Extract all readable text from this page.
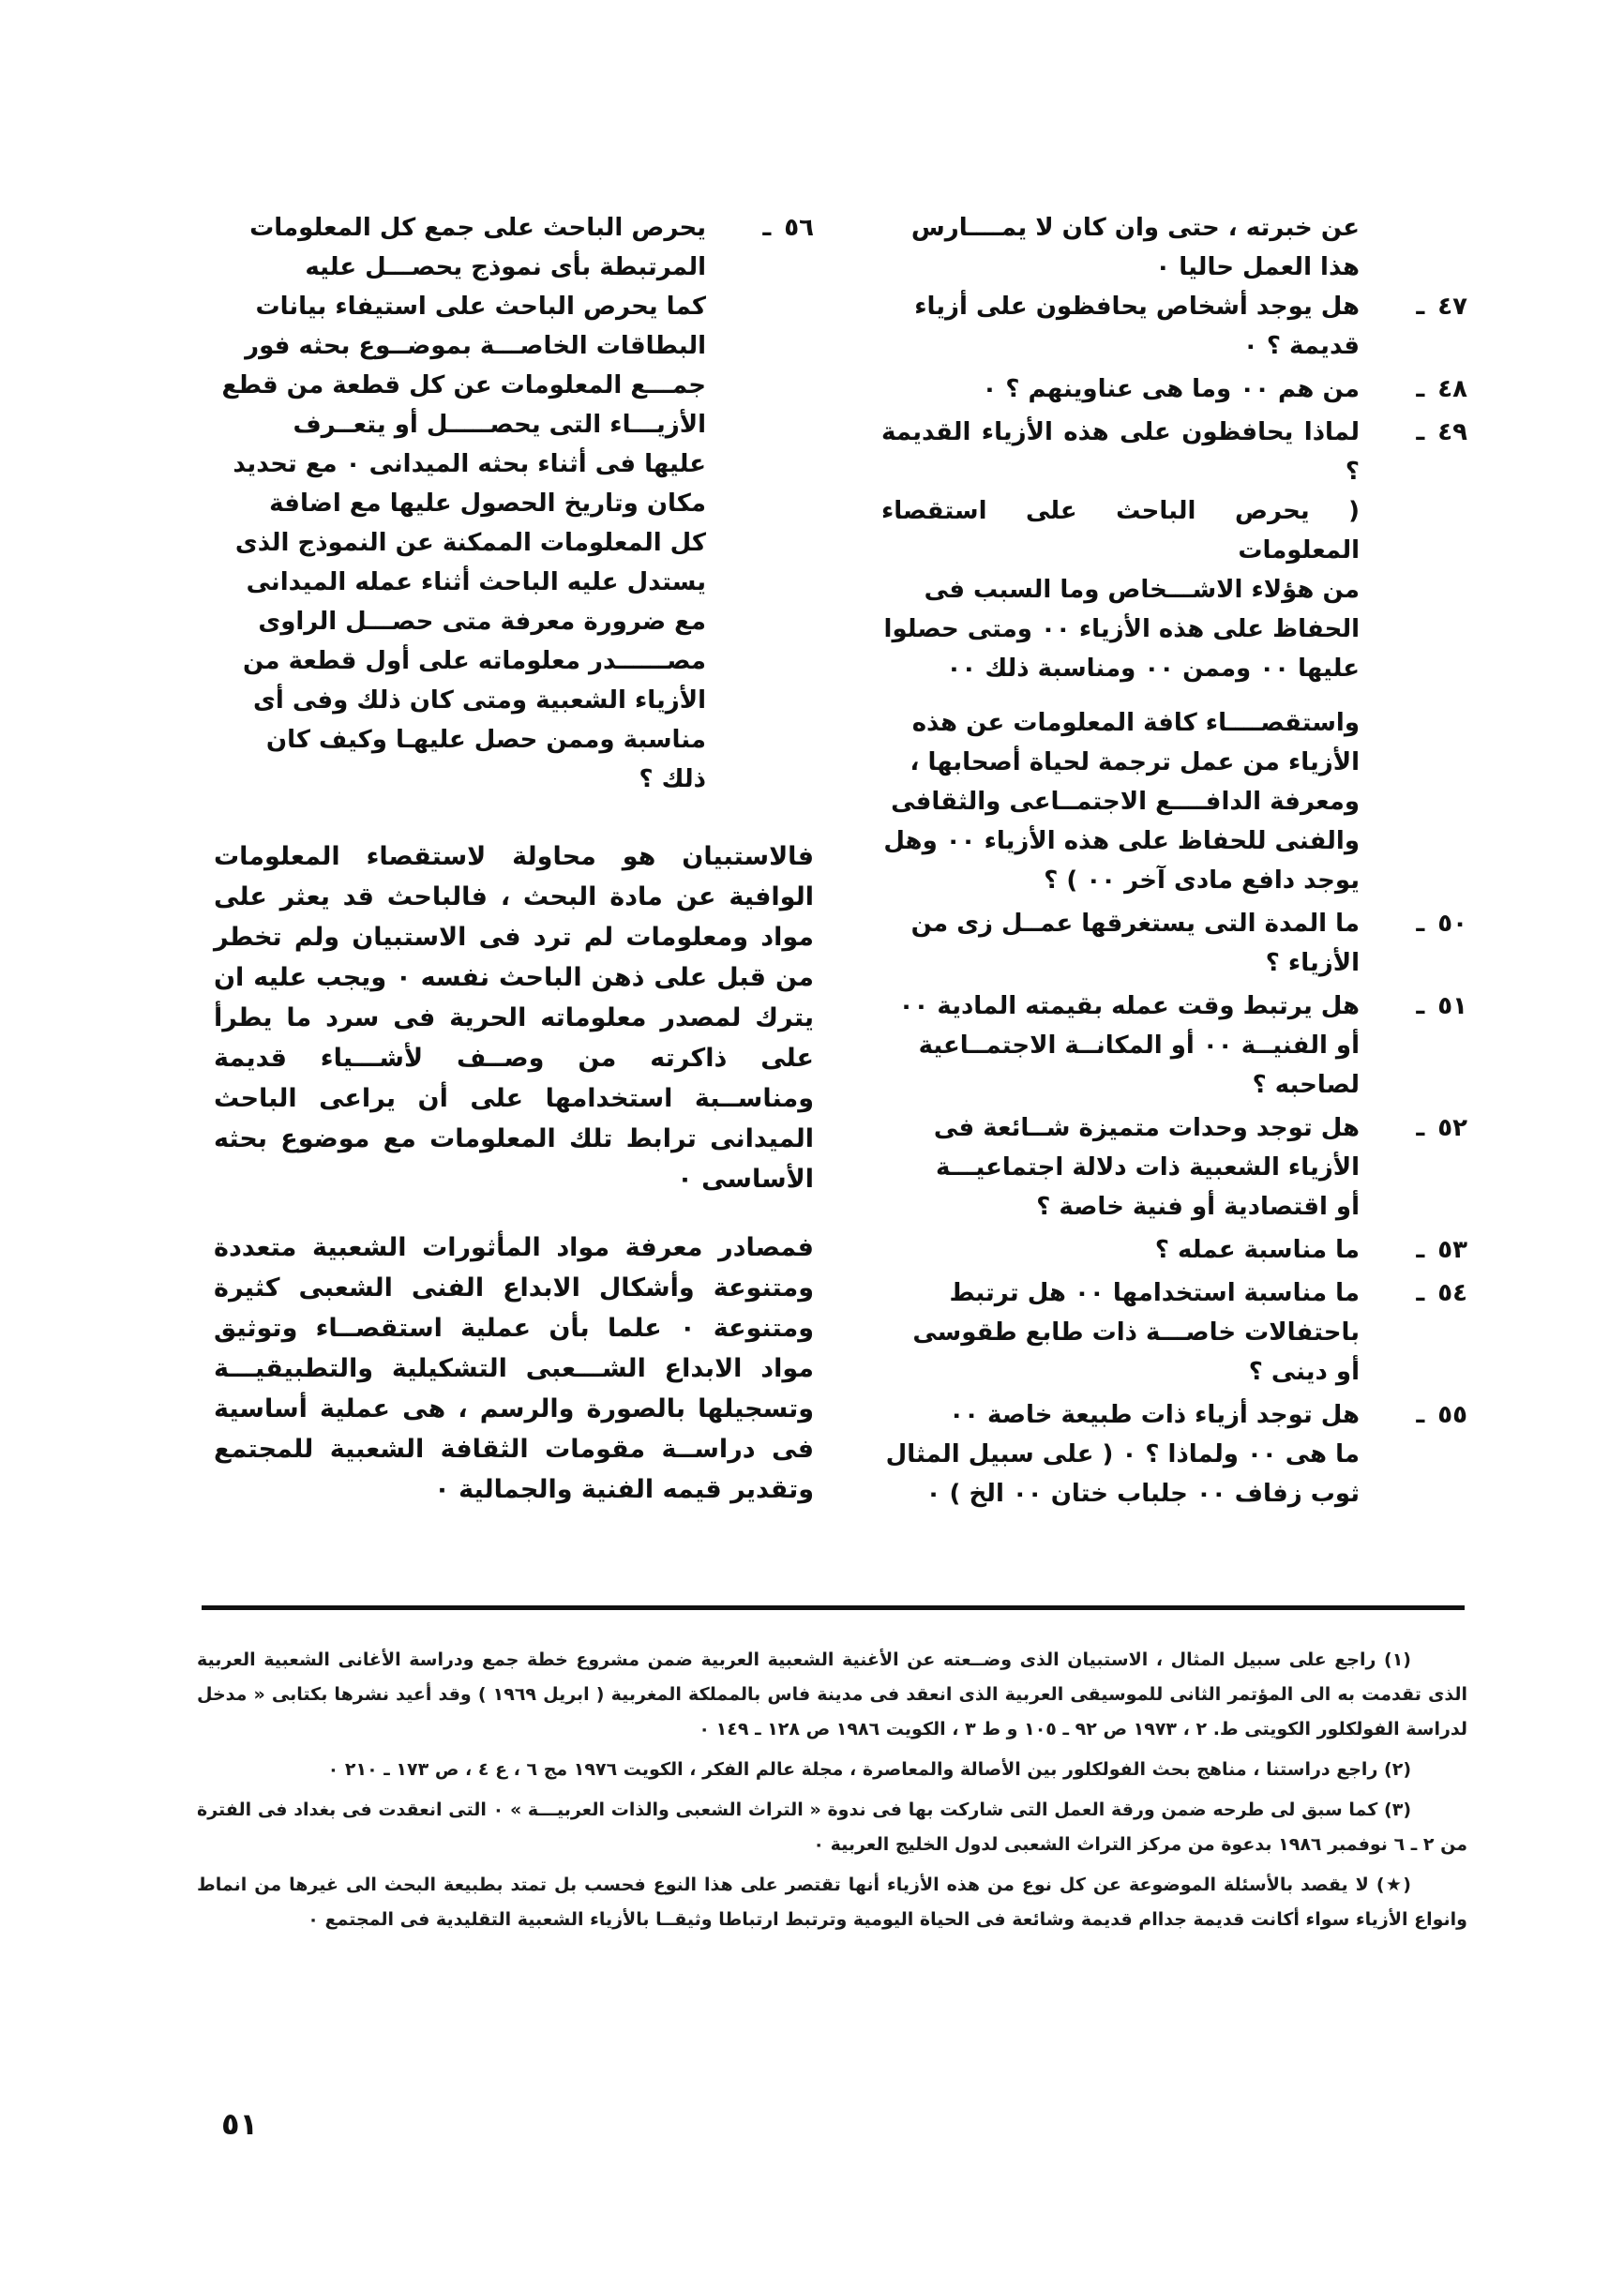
عن خبرته ، حتى وان كان لا يمــــارس
هذا العمل حاليا ٠
٤٧ـ
هل يوجد أشخاص يحافظون على أزياء
قديمة ؟ ٠
٤٨ـ
من هم ٠٠ وما هى عناوينهم ؟ ٠
٤٩ـ
لماذا يحافظون على هذه الأزياء القديمة ؟
( يحرص الباحث على استقصاء المعلومات
من هؤلاء الاشـــخاص وما السبب فى
الحفاظ على هذه الأزياء ٠٠ ومتى حصلوا
عليها ٠٠ وممن ٠٠ ومناسبة ذلك ٠٠
واستقصــــاء كافة المعلومات عن هذه
الأزياء من عمل ترجمة لحياة أصحابها ،
ومعرفة الدافــــع الاجتمــاعى والثقافى
والفنى للحفاظ على هذه الأزياء ٠٠ وهل
يوجد دافع مادى آخر ٠٠ ) ؟
٥٠ـ
ما المدة التى يستغرقها عمــل زى من
الأزياء ؟
٥١ـ
هل يرتبط وقت عمله بقيمته المادية ٠٠
أو الفنيــة ٠٠ أو المكانــة الاجتمــاعية
لصاحبه ؟
٥٢ـ
هل توجد وحدات متميزة شــائعة فى
الأزياء الشعبية ذات دلالة اجتماعيـــة
أو اقتصادية أو فنية خاصة ؟
٥٣ـ
ما مناسبة عمله ؟
٥٤ـ
ما مناسبة استخدامها ٠٠ هل ترتبط
باحتفالات خاصـــة ذات طابع طقوسى
أو دينى ؟
٥٥ـ
هل توجد أزياء ذات طبيعة خاصة ٠٠
ما هى ٠٠ ولماذا ؟ ٠ ( على سبيل المثال
ثوب زفاف ٠٠ جلباب ختان ٠٠ الخ ) ٠
٥٦ـ
يحرص الباحث على جمع كل المعلومات
المرتبطة بأى نموذج يحصـــل عليه
كما يحرص الباحث على استيفاء بيانات
البطاقات الخاصـــة بموضــوع بحثه فور
جمـــع المعلومات عن كل قطعة من قطع
الأزيـــاء التى يحصـــــل أو يتعــرف
عليها فى أثناء بحثه الميدانى ٠ مع تحديد
مكان وتاريخ الحصول عليها مع اضافة
كل المعلومات الممكنة عن النموذج الذى
يستدل عليه الباحث أثناء عمله الميدانى
مع ضرورة معرفة متى حصـــل الراوى
مصــــــدر معلوماته على أول قطعة من
الأزياء الشعبية ومتى كان ذلك وفى أى
مناسبة وممن حصل عليهـا وكيف كان
ذلك ؟

فالاستبيان هو محاولة لاستقصاء المعلومات الوافية عن مادة البحث ، فالباحث قد يعثر على مواد ومعلومات لم ترد فى الاستبيان ولم تخطر من قبل على ذهن الباحث نفسه ٠ ويجب عليه ان يترك لمصدر معلوماته الحرية فى سرد ما يطرأ على ذاكرته من وصــف لأشـــياء قديمة ومناســبة استخدامها على أن يراعى الباحث الميدانى ترابط تلك المعلومات مع موضوع بحثه الأساسى ٠

فمصادر معرفة مواد المأثورات الشعبية متعددة ومتنوعة وأشكال الابداع الفنى الشعبى كثيرة ومتنوعة ٠ علما بأن عملية استقصــاء وتوثيق مواد الابداع الشـــعبى التشكيلية والتطبيقيـــة وتسجيلها بالصورة والرسم ، هى عملية أساسية فى دراســة مقومات الثقافة الشعبية للمجتمع وتقدير قيمه الفنية والجمالية ٠

(١) راجع على سبيل المثال ، الاستبيان الذى وضــعته عن الأغنية الشعبية العربية ضمن مشروع خطة جمع ودراسة الأغانى الشعبية العربية الذى تقدمت به الى المؤتمر الثانى للموسيقى العربية الذى انعقد فى مدينة فاس بالمملكة المغربية ( ابريل ١٩٦٩ ) وقد أعيد نشرها بكتابى « مدخل لدراسة الفولكلور الكويتى ط. ٢ ، ١٩٧٣ ص ٩٢ ـ ١٠٥ و ط ٣ ، الكويت ١٩٨٦ ص ١٢٨ ـ ١٤٩ ٠
(٢) راجع دراستنا ، مناهج بحث الفولكلور بين الأصالة والمعاصرة ، مجلة عالم الفكر ، الكويت ١٩٧٦ مج ٦ ، ع ٤ ، ص ١٧٣ ـ ٢١٠ ٠
(٣) كما سبق لى طرحه ضمن ورقة العمل التى شاركت بها فى ندوة « التراث الشعبى والذات العربيـــة » ٠ التى انعقدت فى بغداد فى الفترة من ٢ ـ ٦ نوفمبر ١٩٨٦ بدعوة من مركز التراث الشعبى لدول الخليج العربية ٠
(★) لا يقصد بالأسئلة الموضوعة عن كل نوع من هذه الأزياء أنها تقتصر على هذا النوع فحسب بل تمتد بطبيعة البحث الى غيرها من انماط وانواع الأزياء سواء أكانت قديمة جداام قديمة وشائعة فى الحياة اليومية وترتبط ارتباطا وثيقــا بالأزياء الشعبية التقليدية فى المجتمع ٠
٥١
